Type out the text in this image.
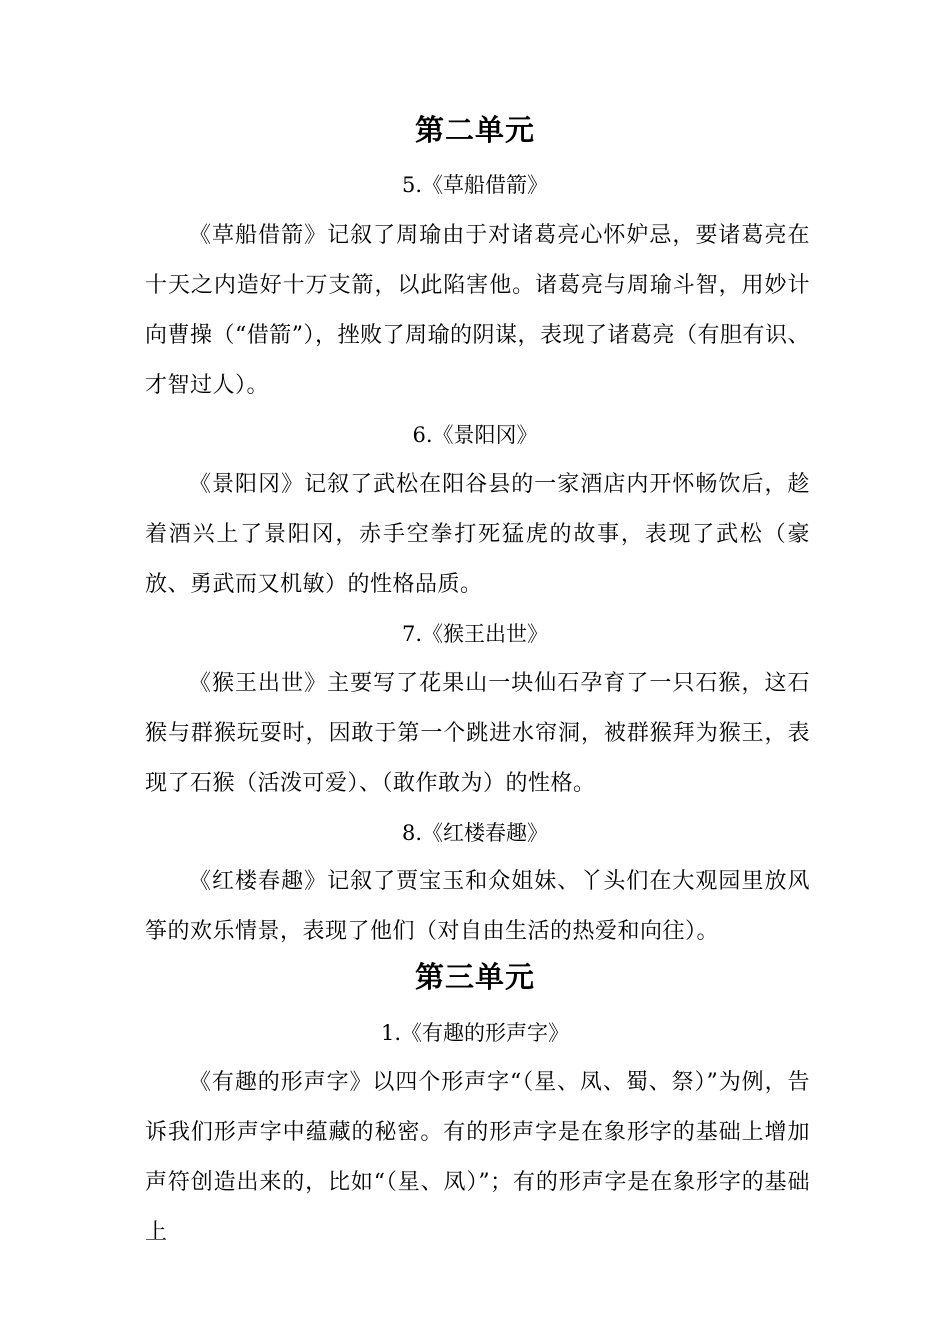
第二单元
5.《草船借箭》

《草船借箭》记叙了周瑜由于对诸葛亮心怀妒忌，要诸葛亮在十天之内造好十万支箭，以此陷害他。诸葛亮与周瑜斗智，用妙计向曹操（“借箭”），挫败了周瑜的阴谋，表现了诸葛亮（有胆有识、才智过人）。

6.《景阳冈》

《景阳冈》记叙了武松在阳谷县的一家酒店内开怀畅饮后，趁着酒兴上了景阳冈，赤手空拳打死猛虎的故事，表现了武松（豪放、勇武而又机敏）的性格品质。

7.《猴王出世》

《猴王出世》主要写了花果山一块仙石孕育了一只石猴，这石猴与群猴玩耍时，因敢于第一个跳进水帘洞，被群猴拜为猴王，表现了石猴（活泼可爱）、（敢作敢为）的性格。

8.《红楼春趣》

《红楼春趣》记叙了贾宝玉和众姐妹、丫头们在大观园里放风筝的欢乐情景，表现了他们（对自由生活的热爱和向往）。

第三单元
1.《有趣的形声字》

《有趣的形声字》以四个形声字“（星、凤、蜀、祭）”为例，告诉我们形声字中蕴藏的秘密。有的形声字是在象形字的基础上增加声符创造出来的，比如“（星、凤）”；有的形声字是在象形字的基础上
